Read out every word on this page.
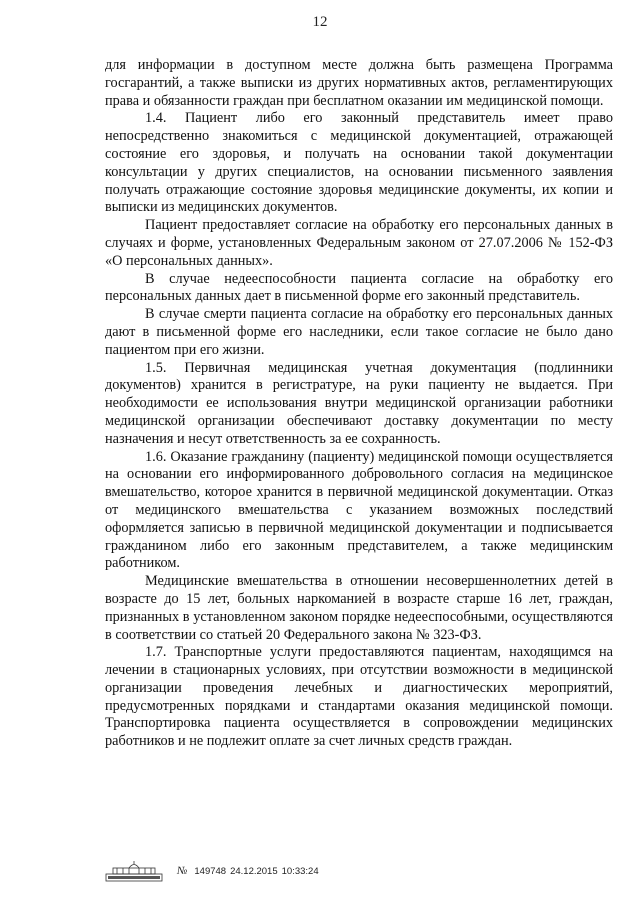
12

для информации в доступном месте должна быть размещена Программа госгарантий, а также выписки из других нормативных актов, регламентирующих права и обязанности граждан при бесплатном оказании им медицинской помощи.

1.4. Пациент либо его законный представитель имеет право непосредственно знакомиться с медицинской документацией, отражающей состояние его здоровья, и получать на основании такой документации консультации у других специалистов, на основании письменного заявления получать отражающие состояние здоровья медицинские документы, их копии и выписки из медицинских документов.

Пациент предоставляет согласие на обработку его персональных данных в случаях и форме, установленных Федеральным законом от 27.07.2006 № 152-ФЗ «О персональных данных».

В случае недееспособности пациента согласие на обработку его персональных данных дает в письменной форме его законный представитель.

В случае смерти пациента согласие на обработку его персональных данных дают в письменной форме его наследники, если такое согласие не было дано пациентом при его жизни.

1.5. Первичная медицинская учетная документация (подлинники документов) хранится в регистратуре, на руки пациенту не выдается. При необходимости ее использования внутри медицинской организации работники медицинской организации обеспечивают доставку документации по месту назначения и несут ответственность за ее сохранность.

1.6. Оказание гражданину (пациенту) медицинской помощи осуществляется на основании его информированного добровольного согласия на медицинское вмешательство, которое хранится в первичной медицинской документации. Отказ от медицинского вмешательства с указанием возможных последствий оформляется записью в первичной медицинской документации и подписывается гражданином либо его законным представителем, а также медицинским работником.

Медицинские вмешательства в отношении несовершеннолетних детей в возрасте до 15 лет, больных наркоманией в возрасте старше 16 лет, граждан, признанных в установленном законом порядке недееспособными, осуществляются в соответствии со статьей 20 Федерального закона № 323-ФЗ.

1.7. Транспортные услуги предоставляются пациентам, находящимся на лечении в стационарных условиях, при отсутствии возможности в медицинской организации проведения лечебных и диагностических мероприятий, предусмотренных порядками и стандартами оказания медицинской помощи. Транспортировка пациента осуществляется в сопровождении медицинских работников и не подлежит оплате за счет личных средств граждан.

№ 149748 24.12.2015 10:33:24
